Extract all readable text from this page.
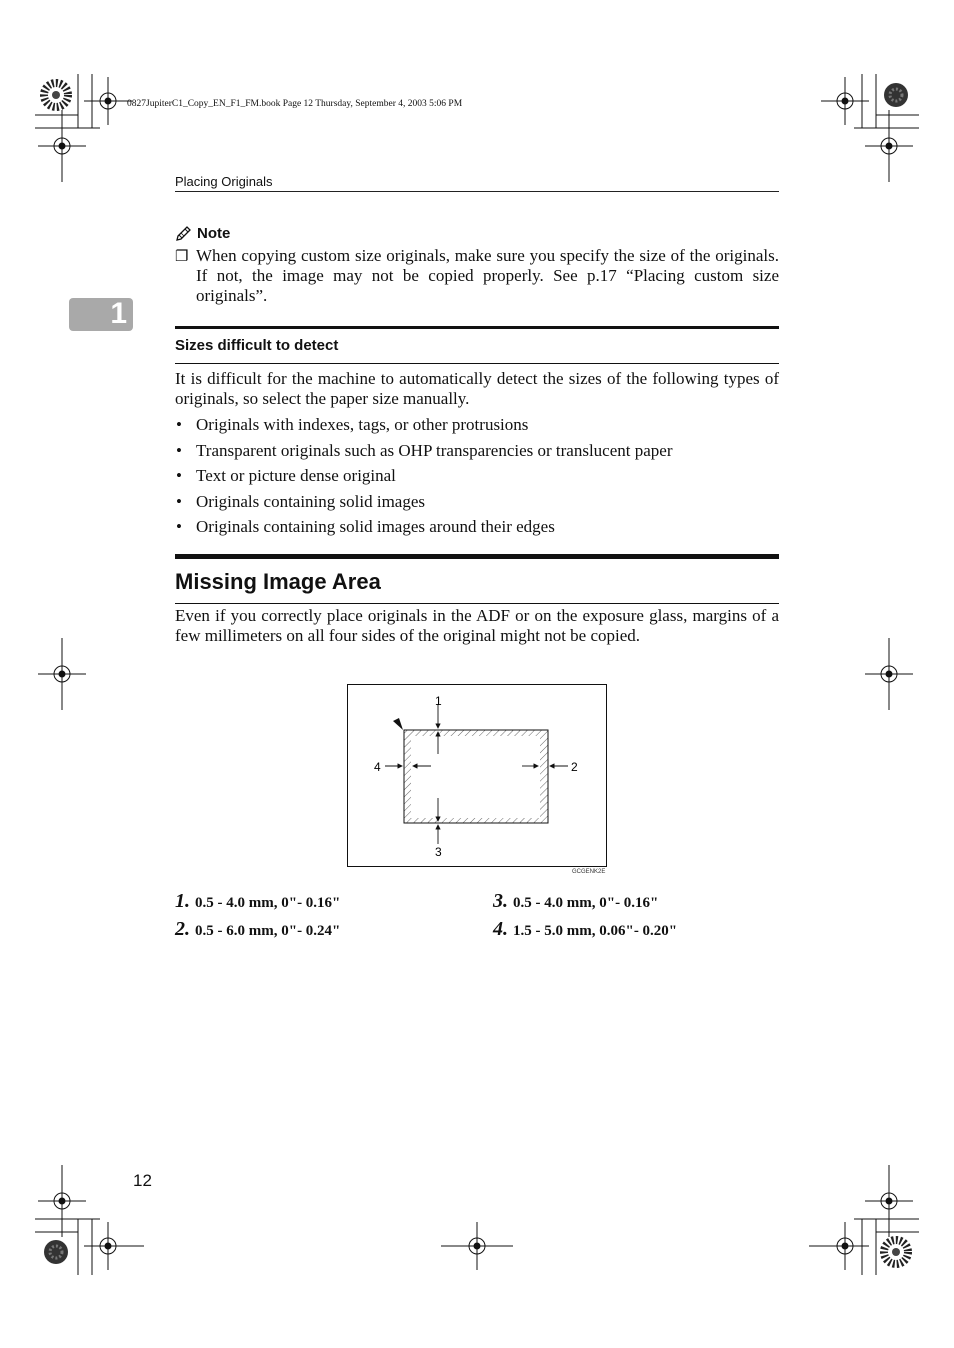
0827JupiterC1_Copy_EN_F1_FM.book Page 12 Thursday, September 4, 2003 5:06 PM
Placing Originals
1
Note
❐ When copying custom size originals, make sure you specify the size of the originals. If not, the image may not be copied properly. See p.17 “Placing custom size originals”.
Sizes difficult to detect
It is difficult for the machine to automatically detect the sizes of the following types of originals, so select the paper size manually.
• Originals with indexes, tags, or other protrusions
• Transparent originals such as OHP transparencies or translucent paper
• Text or picture dense original
• Originals containing solid images
• Originals containing solid images around their edges
Missing Image Area
Even if you correctly place originals in the ADF or on the exposure glass, margins of a few millimeters on all four sides of the original might not be copied.
1
2
3
4
GCGENK2E
1. 0.5 - 4.0 mm, 0"- 0.16"
2. 0.5 - 6.0 mm, 0"- 0.24"
3. 0.5 - 4.0 mm, 0"- 0.16"
4. 1.5 - 5.0 mm, 0.06"- 0.20"
12
